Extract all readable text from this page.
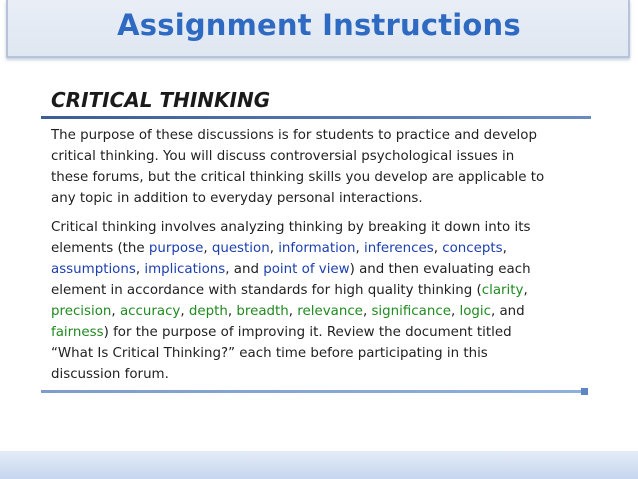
Assignment Instructions
CRITICAL THINKING
The purpose of these discussions is for students to practice and develop
critical thinking. You will discuss controversial psychological issues in
these forums, but the critical thinking skills you develop are applicable to
any topic in addition to everyday personal interactions.
Critical thinking involves analyzing thinking by breaking it down into its
elements (the purpose, question, information, inferences, concepts,
assumptions, implications, and point of view) and then evaluating each
element in accordance with standards for high quality thinking (clarity,
precision, accuracy, depth, breadth, relevance, significance, logic, and
fairness) for the purpose of improving it. Review the document titled
“What Is Critical Thinking?” each time before participating in this
discussion forum.
